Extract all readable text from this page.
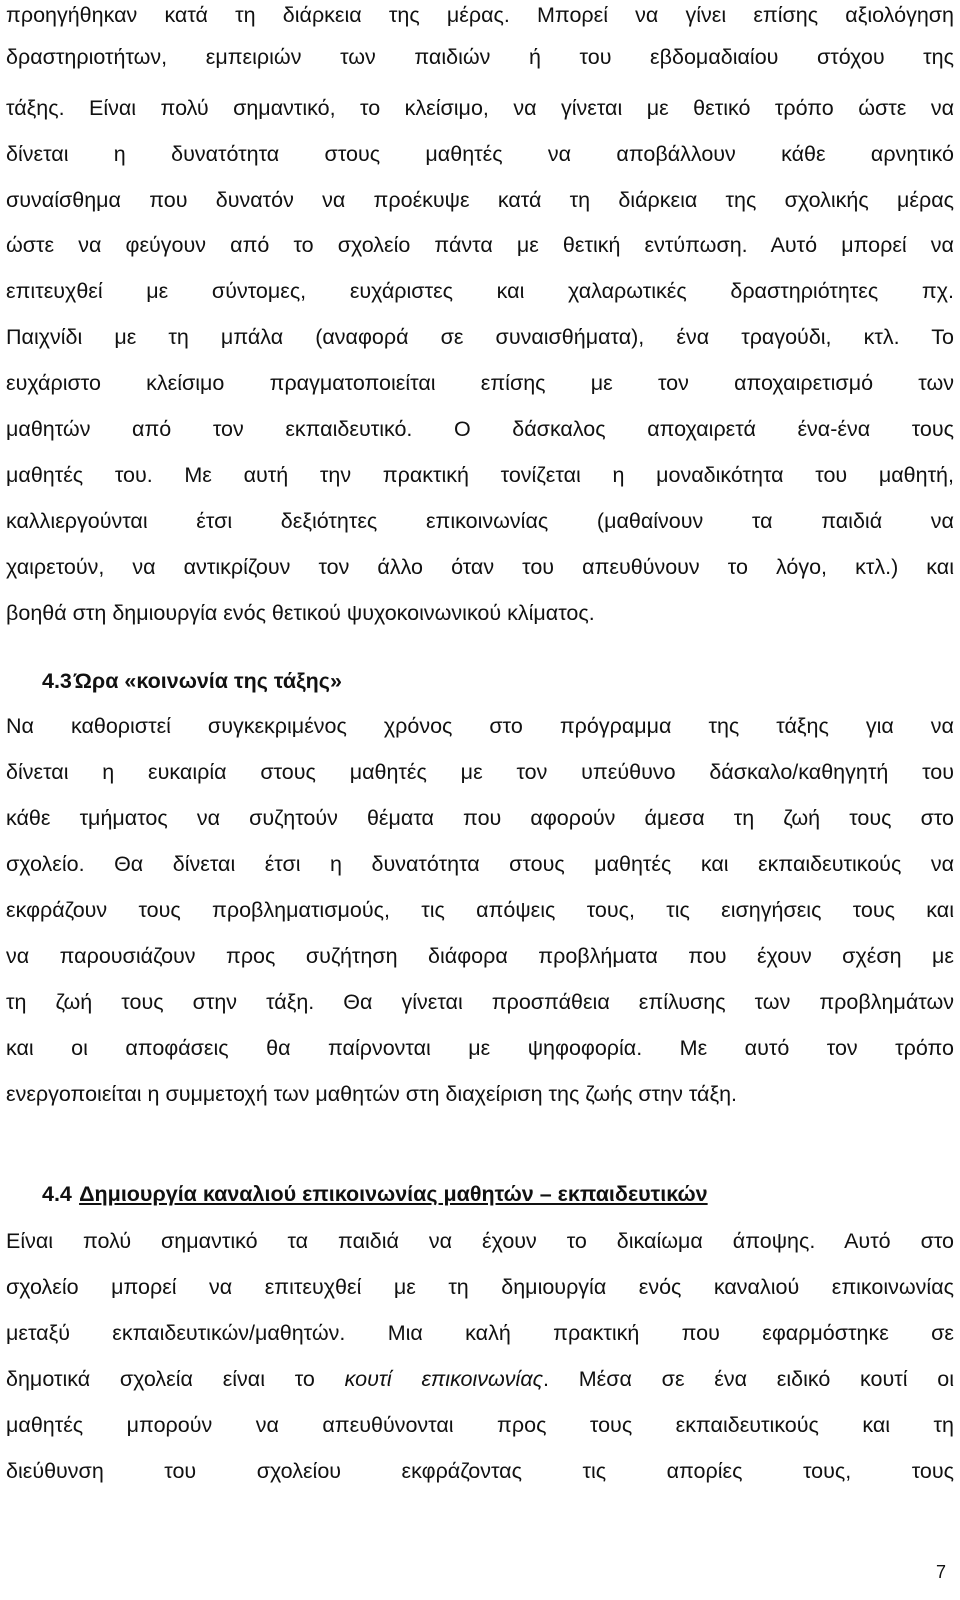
προηγήθηκαν κατά τη διάρκεια της μέρας. Μπορεί να γίνει επίσης αξιολόγηση
δραστηριοτήτων, εμπειριών των παιδιών ή του εβδομαδιαίου στόχου της
τάξης. Είναι πολύ σημαντικό, το κλείσιμο, να γίνεται με θετικό τρόπο ώστε να
δίνεται η δυνατότητα στους μαθητές να αποβάλλουν κάθε αρνητικό
συναίσθημα που δυνατόν να προέκυψε κατά τη διάρκεια της σχολικής μέρας
ώστε να φεύγουν από το σχολείο πάντα με θετική εντύπωση. Αυτό μπορεί να
επιτευχθεί με σύντομες, ευχάριστες και χαλαρωτικές δραστηριότητες πχ.
Παιχνίδι με τη μπάλα (αναφορά σε συναισθήματα), ένα τραγούδι, κτλ. Το
ευχάριστο κλείσιμο πραγματοποιείται επίσης με τον αποχαιρετισμό των
μαθητών από τον εκπαιδευτικό. Ο δάσκαλος αποχαιρετά ένα-ένα τους
μαθητές του. Με αυτή την πρακτική τονίζεται η μοναδικότητα του μαθητή,
καλλιεργούνται έτσι δεξιότητες επικοινωνίας (μαθαίνουν τα παιδιά να
χαιρετούν, να αντικρίζουν τον άλλο όταν του απευθύνουν το λόγο, κτλ.) και
βοηθά στη δημιουργία ενός θετικού ψυχοκοινωνικού κλίματος.
4.3Ώρα «κοινωνία της τάξης»
Να καθοριστεί συγκεκριμένος χρόνος στο πρόγραμμα της τάξης για να
δίνεται η ευκαιρία στους μαθητές με τον υπεύθυνο δάσκαλο/καθηγητή του
κάθε τμήματος να συζητούν θέματα που αφορούν άμεσα τη ζωή τους στο
σχολείο. Θα δίνεται έτσι η δυνατότητα στους μαθητές και εκπαιδευτικούς να
εκφράζουν τους προβληματισμούς, τις απόψεις τους, τις εισηγήσεις τους και
να παρουσιάζουν προς συζήτηση διάφορα προβλήματα που έχουν σχέση με
τη ζωή τους στην τάξη. Θα γίνεται προσπάθεια επίλυσης των προβλημάτων
και οι αποφάσεις θα παίρνονται με ψηφοφορία. Με αυτό τον τρόπο
ενεργοποιείται η συμμετοχή των μαθητών στη διαχείριση της ζωής στην τάξη.
4.4 Δημιουργία καναλιού επικοινωνίας μαθητών – εκπαιδευτικών
Είναι πολύ σημαντικό τα παιδιά να έχουν το δικαίωμα άποψης. Αυτό στο
σχολείο μπορεί να επιτευχθεί με τη δημιουργία ενός καναλιού επικοινωνίας
μεταξύ εκπαιδευτικών/μαθητών. Μια καλή πρακτική που εφαρμόστηκε σε
δημοτικά σχολεία είναι το κουτί επικοινωνίας. Μέσα σε ένα ειδικό κουτί οι
μαθητές μπορούν να απευθύνονται προς τους εκπαιδευτικούς και τη
διεύθυνση του σχολείου εκφράζοντας τις απορίες τους, τους
7
